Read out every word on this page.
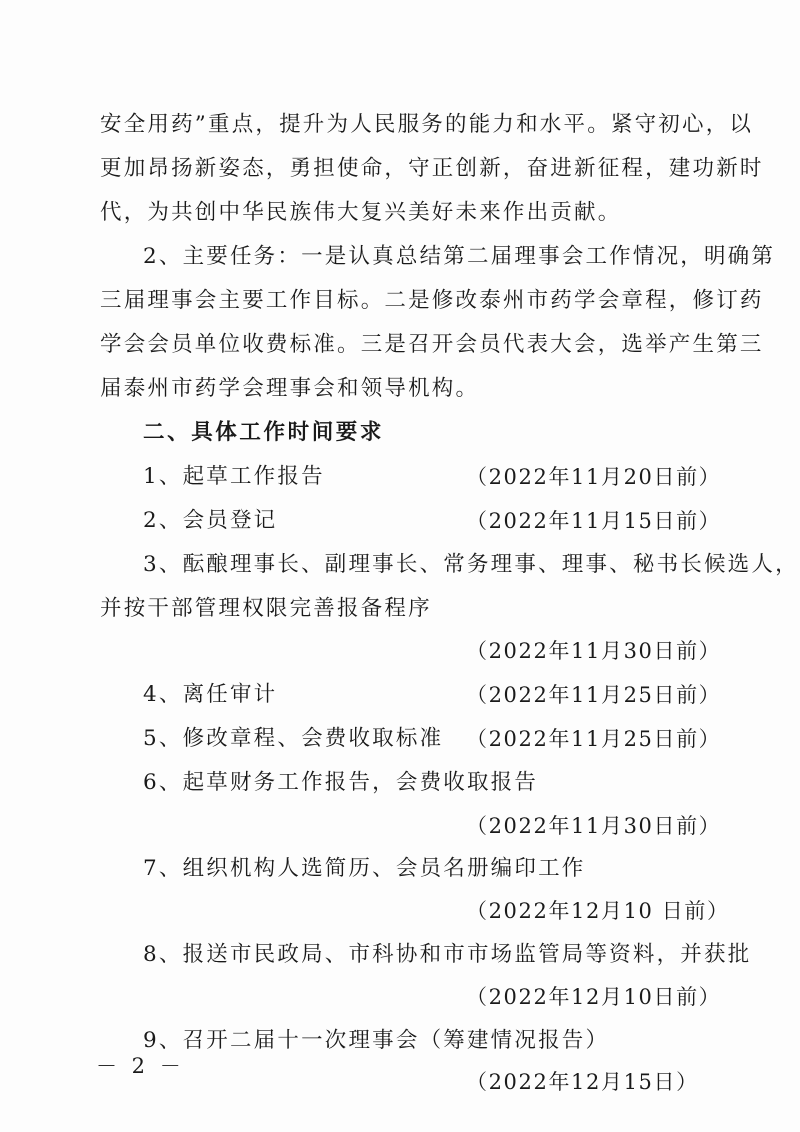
安全用药”重点，提升为人民服务的能力和水平。紧守初心，以
更加昂扬新姿态，勇担使命，守正创新，奋进新征程，建功新时
代，为共创中华民族伟大复兴美好未来作出贡献。
2、主要任务：一是认真总结第二届理事会工作情况，明确第
三届理事会主要工作目标。二是修改泰州市药学会章程，修订药
学会会员单位收费标准。三是召开会员代表大会，选举产生第三
届泰州市药学会理事会和领导机构。
二、具体工作时间要求
1、起草工作报告	（2022年11月20日前）
2、会员登记	（2022年11月15日前）
3、酝酿理事长、副理事长、常务理事、理事、秘书长候选人，
并按干部管理权限完善报备程序
（2022年11月30日前）
4、离任审计	（2022年11月25日前）
5、修改章程、会费收取标准 （2022年11月25日前）
6、起草财务工作报告，会费收取报告
（2022年11月30日前）
7、组织机构人选简历、会员名册编印工作
（2022年12月10 日前）
8、报送市民政局、市科协和市市场监管局等资料，并获批
（2022年12月10日前）
9、召开二届十一次理事会（筹建情况报告）
（2022年12月15日）
－ 2 －
